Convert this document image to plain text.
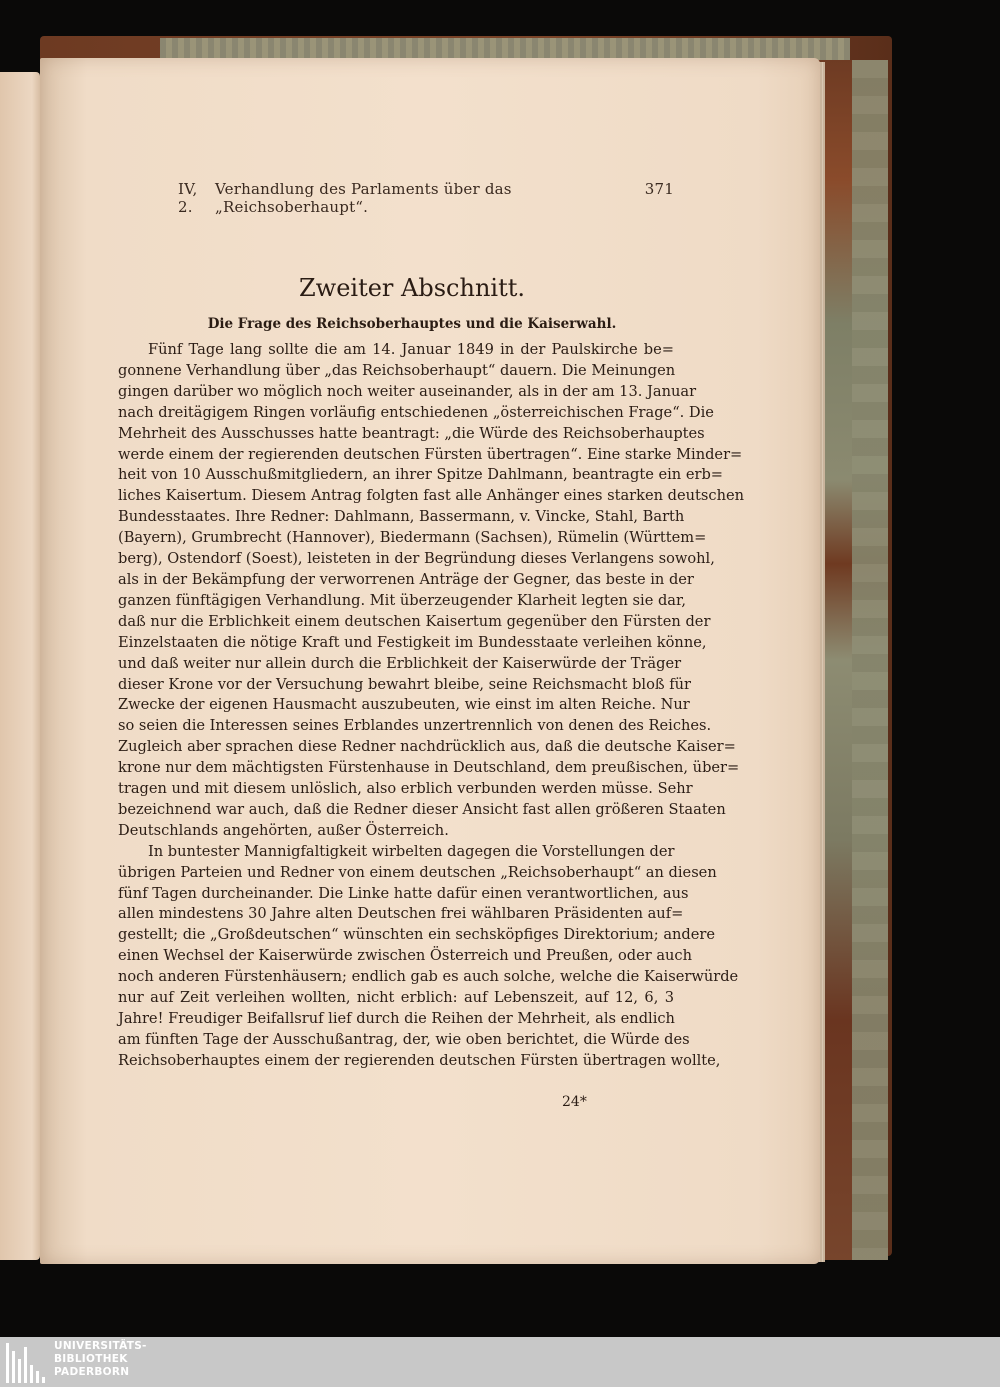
IV, 2.
Verhandlung des Parlaments über das „Reichsoberhaupt“.
371
Zweiter Abschnitt.
Die Frage des Reichsoberhauptes und die Kaiserwahl.
Fünf Tage lang sollte die am 14. Januar 1849 in der Paulskirche be=
gonnene Verhandlung über „das Reichsoberhaupt“ dauern. Die Meinungen
gingen darüber wo möglich noch weiter auseinander, als in der am 13. Januar
nach dreitägigem Ringen vorläufig entschiedenen „österreichischen Frage“. Die
Mehrheit des Ausschusses hatte beantragt: „die Würde des Reichsoberhauptes
werde einem der regierenden deutschen Fürsten übertragen“. Eine starke Minder=
heit von 10 Ausschußmitgliedern, an ihrer Spitze Dahlmann, beantragte ein erb=
liches Kaisertum. Diesem Antrag folgten fast alle Anhänger eines starken deutschen
Bundesstaates. Ihre Redner: Dahlmann, Bassermann, v. Vincke, Stahl, Barth
(Bayern), Grumbrecht (Hannover), Biedermann (Sachsen), Rümelin (Württem=
berg), Ostendorf (Soest), leisteten in der Begründung dieses Verlangens sowohl,
als in der Bekämpfung der verworrenen Anträge der Gegner, das beste in der
ganzen fünftägigen Verhandlung. Mit überzeugender Klarheit legten sie dar,
daß nur die Erblichkeit einem deutschen Kaisertum gegenüber den Fürsten der
Einzelstaaten die nötige Kraft und Festigkeit im Bundesstaate verleihen könne,
und daß weiter nur allein durch die Erblichkeit der Kaiserwürde der Träger
dieser Krone vor der Versuchung bewahrt bleibe, seine Reichsmacht bloß für
Zwecke der eigenen Hausmacht auszubeuten, wie einst im alten Reiche. Nur
so seien die Interessen seines Erblandes unzertrennlich von denen des Reiches.
Zugleich aber sprachen diese Redner nachdrücklich aus, daß die deutsche Kaiser=
krone nur dem mächtigsten Fürstenhause in Deutschland, dem preußischen, über=
tragen und mit diesem unlöslich, also erblich verbunden werden müsse. Sehr
bezeichnend war auch, daß die Redner dieser Ansicht fast allen größeren Staaten
Deutschlands angehörten, außer Österreich.
In buntester Mannigfaltigkeit wirbelten dagegen die Vorstellungen der
übrigen Parteien und Redner von einem deutschen „Reichsoberhaupt“ an diesen
fünf Tagen durcheinander. Die Linke hatte dafür einen verantwortlichen, aus
allen mindestens 30 Jahre alten Deutschen frei wählbaren Präsidenten auf=
gestellt; die „Großdeutschen“ wünschten ein sechsköpfiges Direktorium; andere
einen Wechsel der Kaiserwürde zwischen Österreich und Preußen, oder auch
noch anderen Fürstenhäusern; endlich gab es auch solche, welche die Kaiserwürde
nur auf Zeit verleihen wollten, nicht erblich: auf Lebenszeit, auf 12, 6, 3
Jahre! Freudiger Beifallsruf lief durch die Reihen der Mehrheit, als endlich
am fünften Tage der Ausschußantrag, der, wie oben berichtet, die Würde des
Reichsoberhauptes einem der regierenden deutschen Fürsten übertragen wollte,
24*
UNIVERSITÄTS-
BIBLIOTHEK
PADERBORN
